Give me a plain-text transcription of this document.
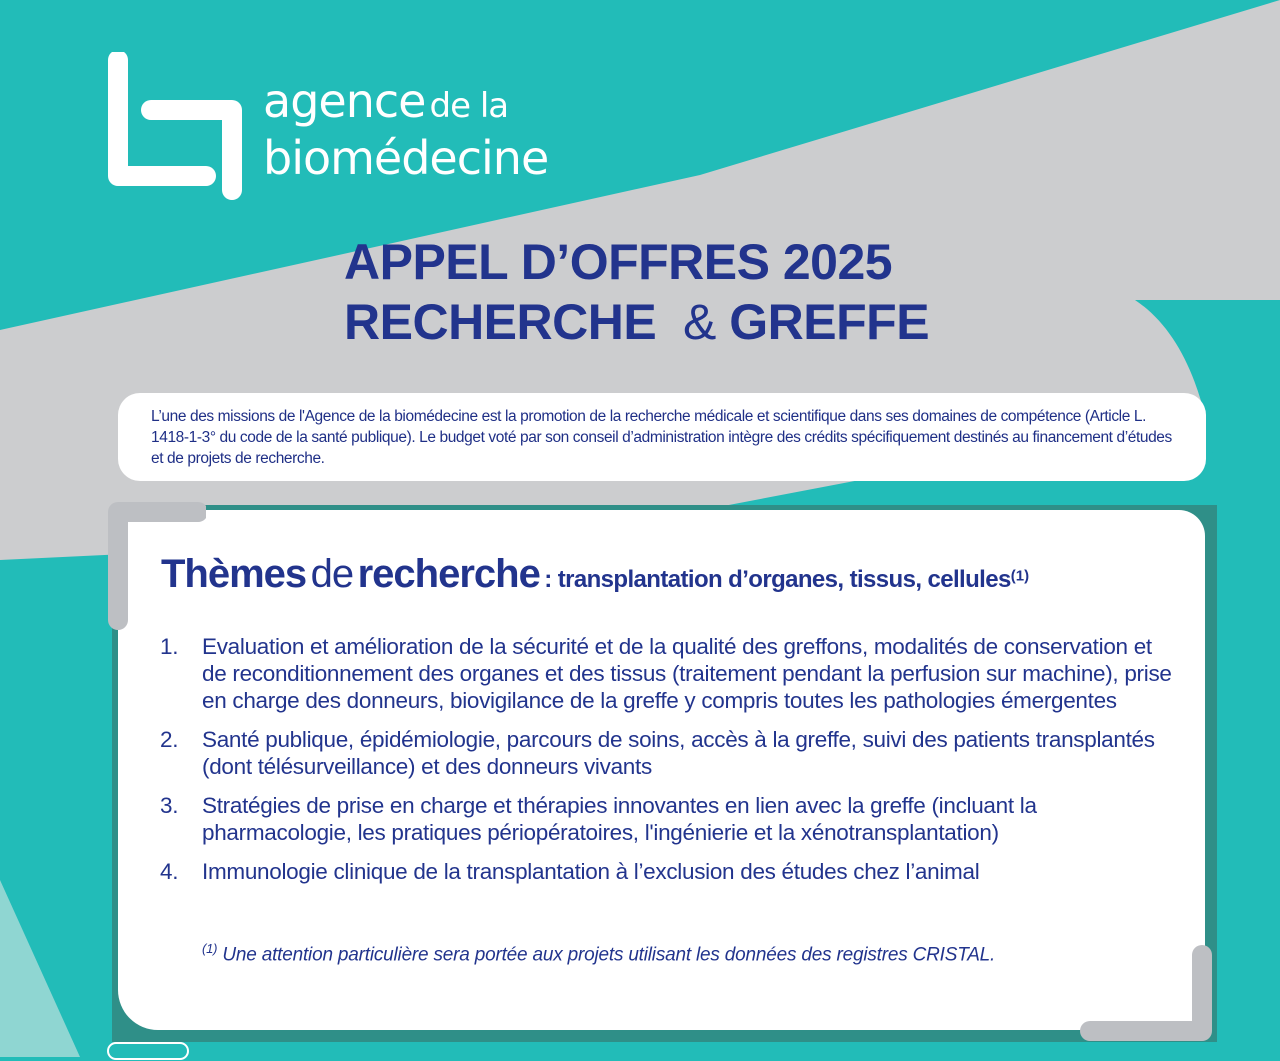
agence de la
biomédecine
APPEL D’OFFRES 2025
RECHERCHE & GREFFE

L’une des missions de l'Agence de la biomédecine est la promotion de la recherche médicale et scientifique dans ses domaines de compétence (Article L. 1418-1-3° du code de la santé publique). Le budget voté par son conseil d’administration intègre des crédits spécifiquement destinés au financement d’études et de projets de recherche.

Thèmes de recherche : transplantation d’organes, tissus, cellules$^{(1)}$
1. Evaluation et amélioration de la sécurité et de la qualité des greffons, modalités de conservation et de reconditionnement des organes et des tissus (traitement pendant la perfusion sur machine), prise en charge des donneurs, biovigilance de la greffe y compris toutes les pathologies émergentes
2. Santé publique, épidémiologie, parcours de soins, accès à la greffe, suivi des patients transplantés (dont télésurveillance) et des donneurs vivants
3. Stratégies de prise en charge et thérapies innovantes en lien avec la greffe (incluant la pharmacologie, les pratiques périopératoires, l'ingénierie et la xénotransplantation)
4. Immunologie clinique de la transplantation à l’exclusion des études chez l’animal
$^{(1)}$ Une attention particulière sera portée aux projets utilisant les données des registres CRISTAL.
